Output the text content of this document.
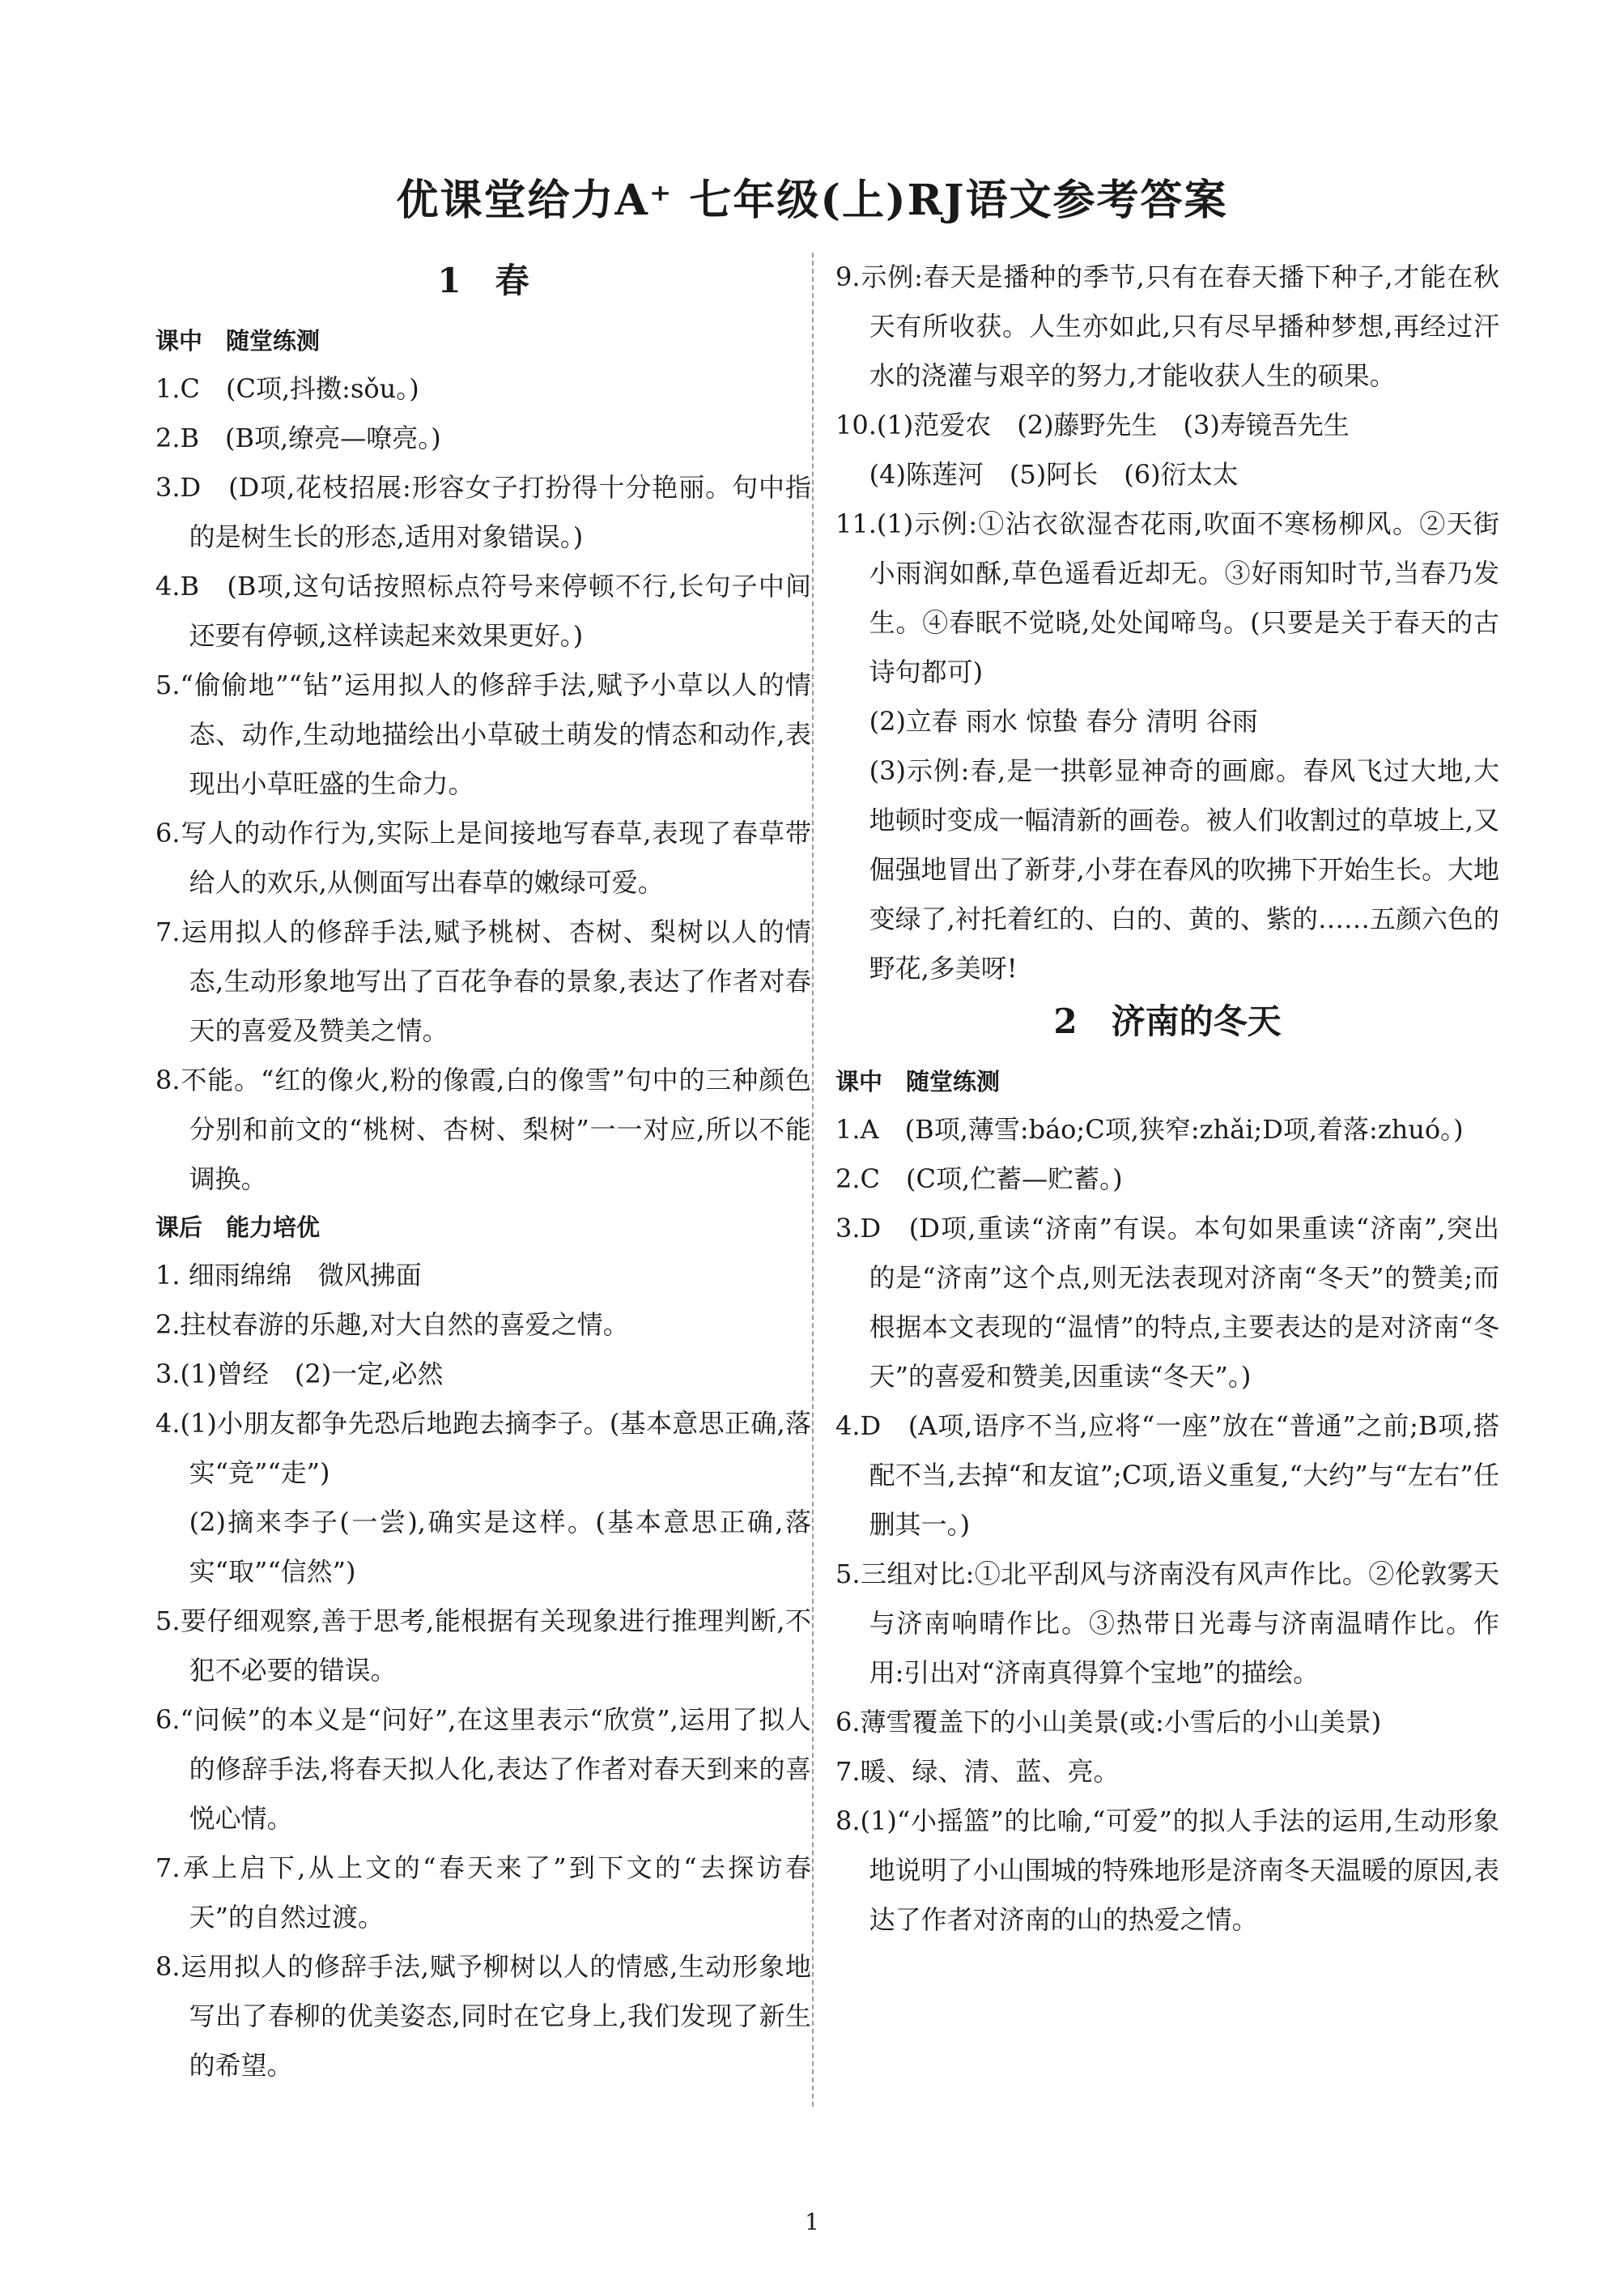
优课堂给力A⁺ 七年级(上)RJ语文参考答案
1　春
课中　随堂练测
1.C　(C项,抖擞:sǒu。)
2.B　(B项,缭亮—嘹亮。)
3.D　(D项,花枝招展:形容女子打扮得十分艳丽。句中指的是树生长的形态,适用对象错误。)
4.B　(B项,这句话按照标点符号来停顿不行,长句子中间还要有停顿,这样读起来效果更好。)
5.“偷偷地”“钻”运用拟人的修辞手法,赋予小草以人的情态、动作,生动地描绘出小草破土萌发的情态和动作,表现出小草旺盛的生命力。
6.写人的动作行为,实际上是间接地写春草,表现了春草带给人的欢乐,从侧面写出春草的嫩绿可爱。
7.运用拟人的修辞手法,赋予桃树、杏树、梨树以人的情态,生动形象地写出了百花争春的景象,表达了作者对春天的喜爱及赞美之情。
8.不能。“红的像火,粉的像霞,白的像雪”句中的三种颜色分别和前文的“桃树、杏树、梨树”一一对应,所以不能调换。
课后　能力培优
1. 细雨绵绵　微风拂面
2.拄杖春游的乐趣,对大自然的喜爱之情。
3.(1)曾经　(2)一定,必然
4.(1)小朋友都争先恐后地跑去摘李子。(基本意思正确,落实“竞”“走”)
(2)摘来李子(一尝),确实是这样。(基本意思正确,落实“取”“信然”)
5.要仔细观察,善于思考,能根据有关现象进行推理判断,不犯不必要的错误。
6.“问候”的本义是“问好”,在这里表示“欣赏”,运用了拟人的修辞手法,将春天拟人化,表达了作者对春天到来的喜悦心情。
7.承上启下,从上文的“春天来了”到下文的“去探访春天”的自然过渡。
8.运用拟人的修辞手法,赋予柳树以人的情感,生动形象地写出了春柳的优美姿态,同时在它身上,我们发现了新生的希望。
9.示例:春天是播种的季节,只有在春天播下种子,才能在秋天有所收获。人生亦如此,只有尽早播种梦想,再经过汗水的浇灌与艰辛的努力,才能收获人生的硕果。
10.(1)范爱农　(2)藤野先生　(3)寿镜吾先生
(4)陈莲河　(5)阿长　(6)衍太太
11.(1)示例:①沾衣欲湿杏花雨,吹面不寒杨柳风。②天街小雨润如酥,草色遥看近却无。③好雨知时节,当春乃发生。④春眠不觉晓,处处闻啼鸟。(只要是关于春天的古诗句都可)
(2)立春 雨水 惊蛰 春分 清明 谷雨
(3)示例:春,是一拱彰显神奇的画廊。春风飞过大地,大地顿时变成一幅清新的画卷。被人们收割过的草坡上,又倔强地冒出了新芽,小芽在春风的吹拂下开始生长。大地变绿了,衬托着红的、白的、黄的、紫的……五颜六色的野花,多美呀!
2　济南的冬天
课中　随堂练测
1.A　(B项,薄雪:báo;C项,狭窄:zhǎi;D项,着落:zhuó。)
2.C　(C项,伫蓄—贮蓄。)
3.D　(D项,重读“济南”有误。本句如果重读“济南”,突出的是“济南”这个点,则无法表现对济南“冬天”的赞美;而根据本文表现的“温情”的特点,主要表达的是对济南“冬天”的喜爱和赞美,因重读“冬天”。)
4.D　(A项,语序不当,应将“一座”放在“普通”之前;B项,搭配不当,去掉“和友谊”;C项,语义重复,“大约”与“左右”任删其一。)
5.三组对比:①北平刮风与济南没有风声作比。②伦敦雾天与济南响晴作比。③热带日光毒与济南温晴作比。作用:引出对“济南真得算个宝地”的描绘。
6.薄雪覆盖下的小山美景(或:小雪后的小山美景)
7.暖、绿、清、蓝、亮。
8.(1)“小摇篮”的比喻,“可爱”的拟人手法的运用,生动形象地说明了小山围城的特殊地形是济南冬天温暖的原因,表达了作者对济南的山的热爱之情。
1
